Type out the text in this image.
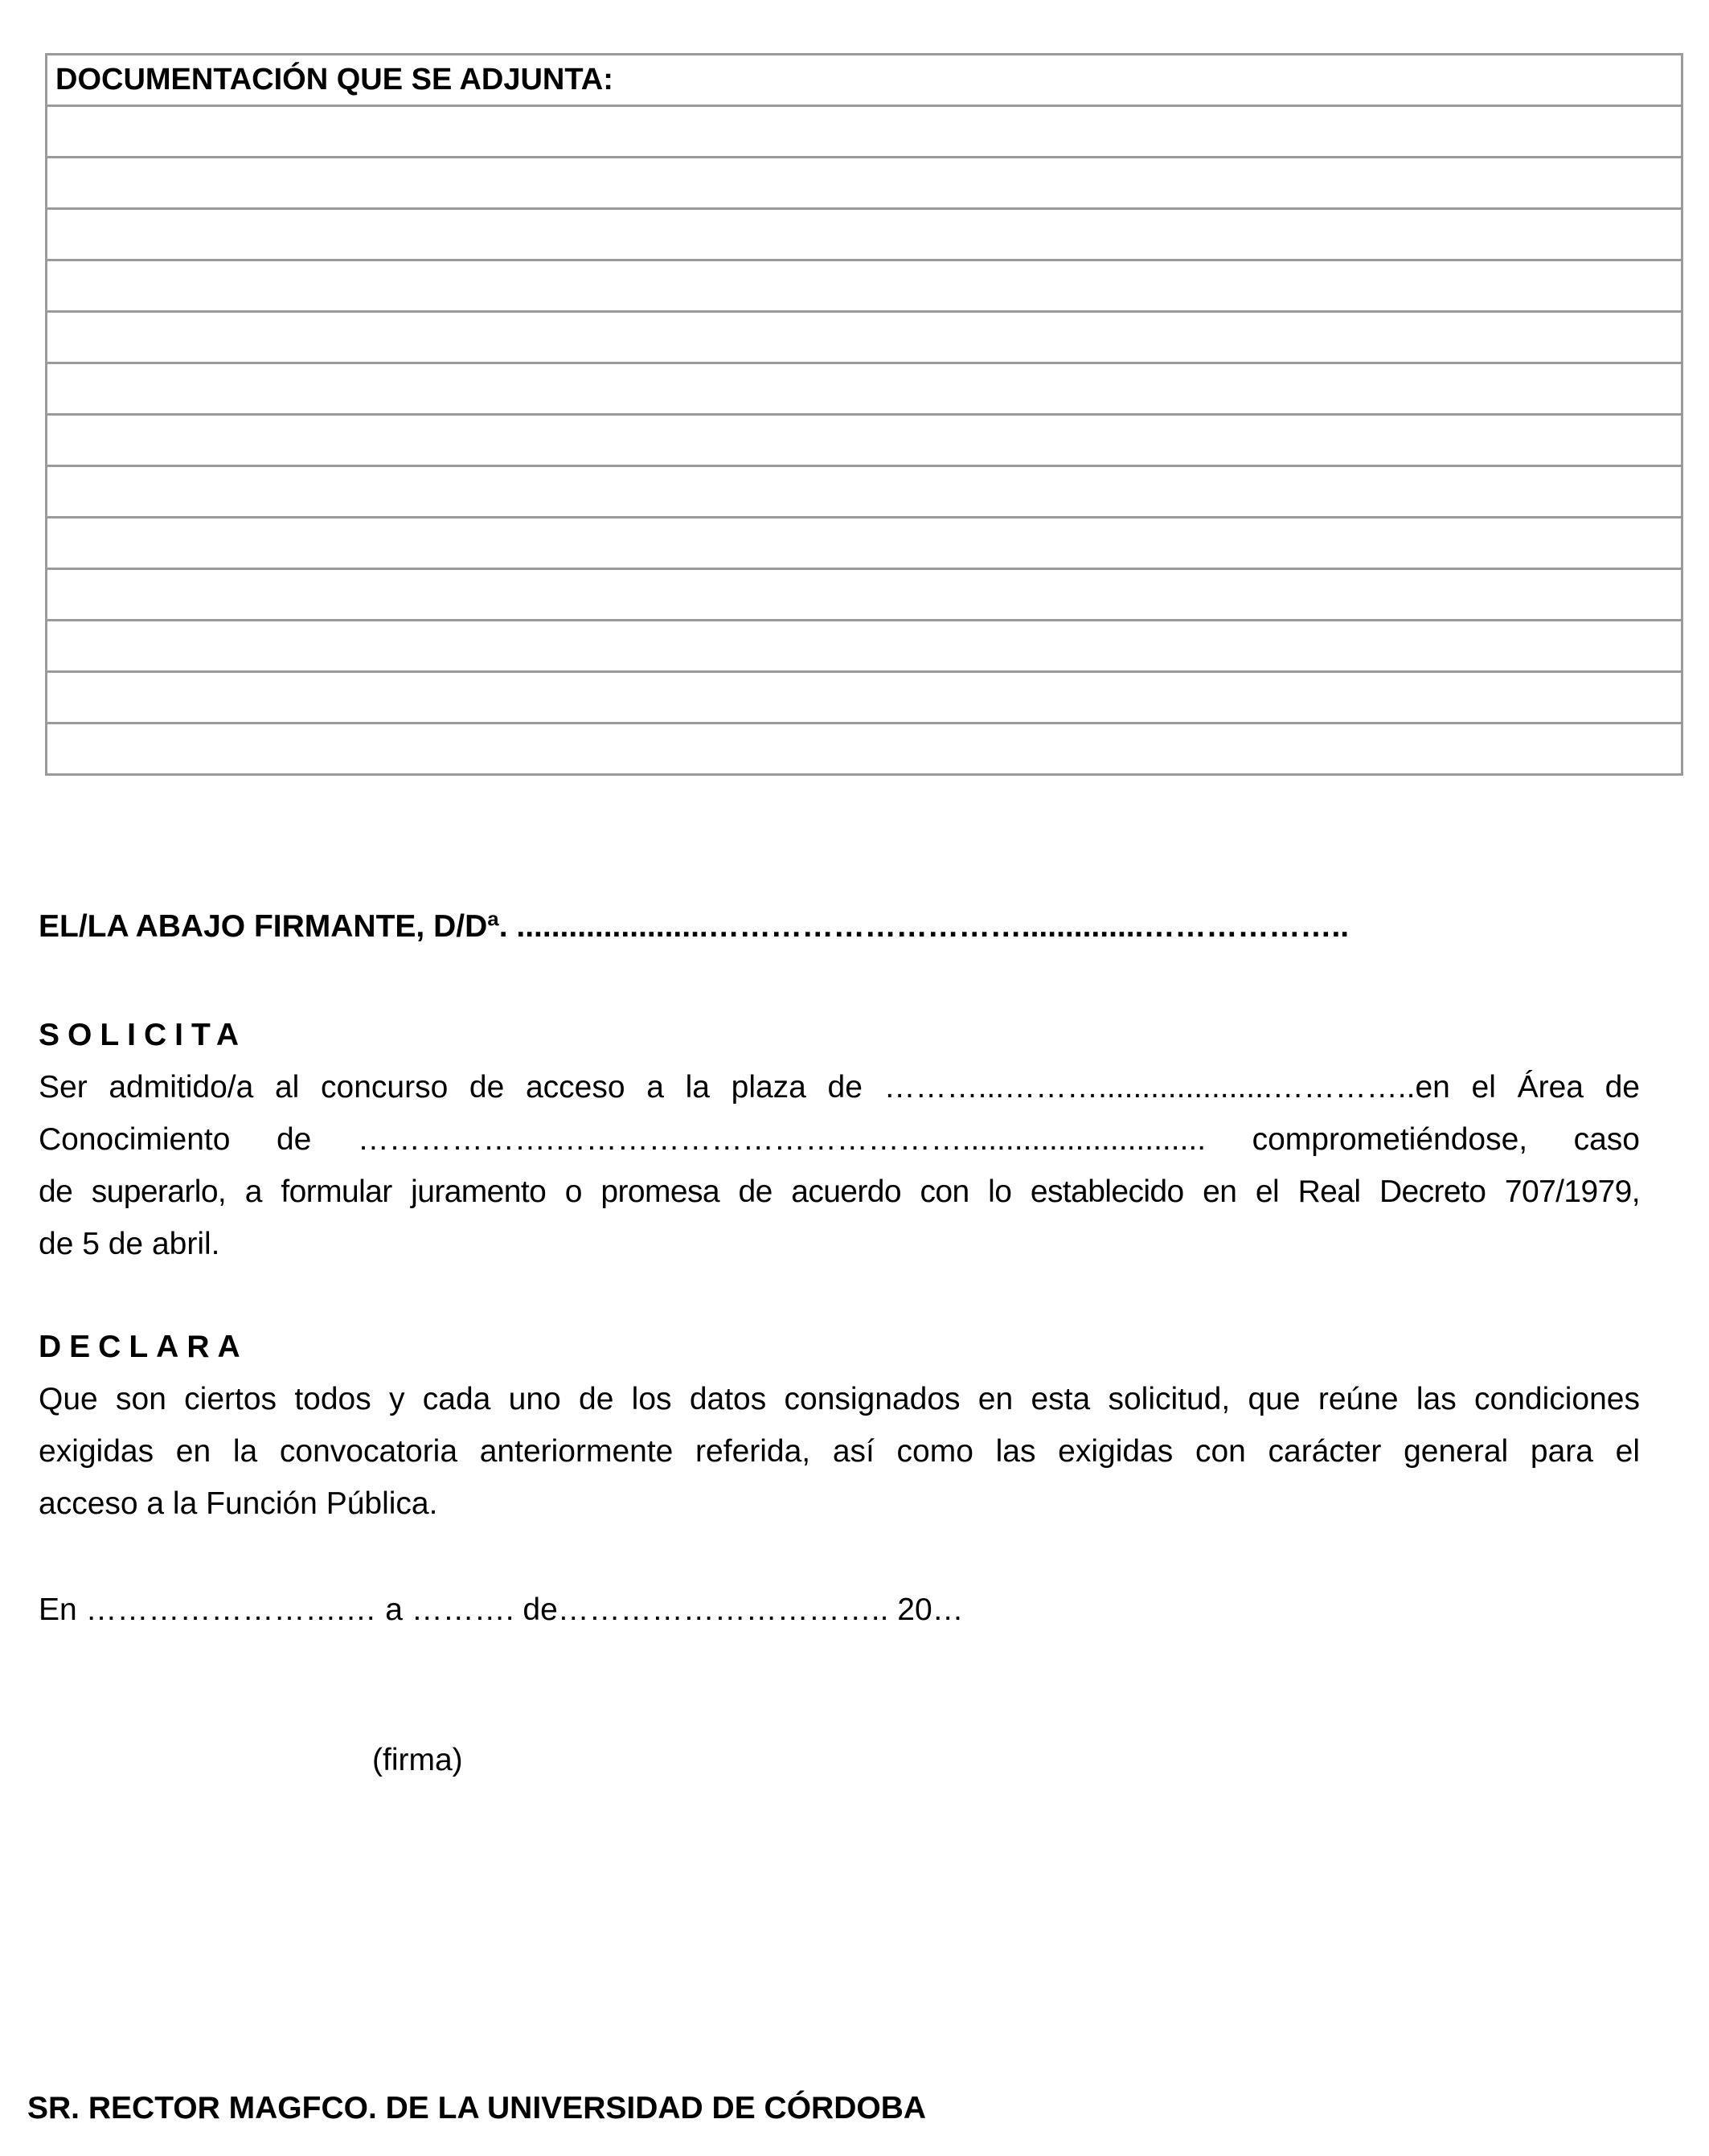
DOCUMENTACIÓN QUE SE ADJUNTA:

EL/LA ABAJO FIRMANTE, D/Dª. ......................…………………………..............………………..
SOLICITA
Ser admitido/a al concurso de acceso a la plaza de ………...………....................…………..en el Área de
Conocimiento de ……………….…………………………………............................ comprometiéndose, caso
de superarlo, a formular juramento o promesa de acuerdo con lo establecido en el Real Decreto 707/1979,
de 5 de abril.
DECLARA
Que son ciertos todos y cada uno de los datos consignados en esta solicitud, que reúne las condiciones
exigidas en la convocatoria anteriormente referida, así como las exigidas con carácter general para el
acceso a la Función Pública.
En …………………….… a ………. de………………………….. 20…
(firma)
SR. RECTOR MAGFCO. DE LA UNIVERSIDAD DE CÓRDOBA
